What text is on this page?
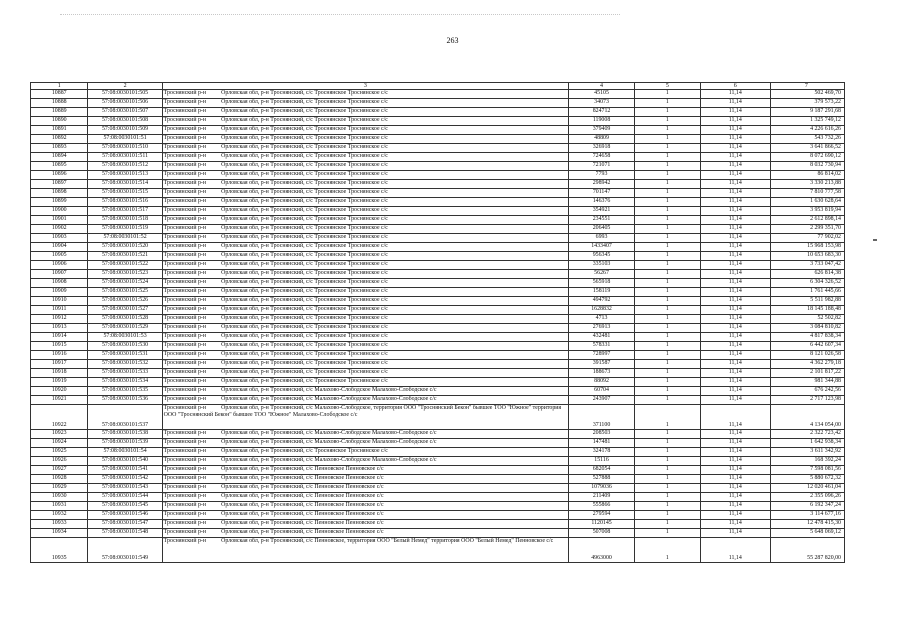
263
1	2	3	4	5	6	7
10887	57:08:0030101:505	Троснянский р-н Орловская обл, р-н Троснянский, с/с Троснянское Троснянское с/с	45105	1	11,14	502 469,70
10888	57:08:0030101:506	Троснянский р-н Орловская обл, р-н Троснянский, с/с Троснянское Троснянское с/с	34073	1	11,14	379 573,22
10889	57:08:0030101:507	Троснянский р-н Орловская обл, р-н Троснянский, с/с Троснянское Троснянское с/с	824712	1	11,14	9 187 291,68
10890	57:08:0030101:508	Троснянский р-н Орловская обл, р-н Троснянский, с/с Троснянское Троснянское с/с	119008	1	11,14	1 325 749,12
10891	57:08:0030101:509	Троснянский р-н Орловская обл, р-н Троснянский, с/с Троснянское Троснянское с/с	379409	1	11,14	4 226 616,26
10892	57:08:0030101:51	Троснянский р-н Орловская обл, р-н Троснянский, с/с Троснянское Троснянское с/с	48809	1	11,14	543 732,26
10893	57:08:0030101:510	Троснянский р-н Орловская обл, р-н Троснянский, с/с Троснянское Троснянское с/с	326918	1	11,14	3 641 866,52
10894	57:08:0030101:511	Троснянский р-н Орловская обл, р-н Троснянский, с/с Троснянское Троснянское с/с	724658	1	11,14	8 072 690,12
10895	57:08:0030101:512	Троснянский р-н Орловская обл, р-н Троснянский, с/с Троснянское Троснянское с/с	721071	1	11,14	8 032 730,94
10896	57:08:0030101:513	Троснянский р-н Орловская обл, р-н Троснянский, с/с Троснянское Троснянское с/с	7793	1	11,14	86 814,02
10897	57:08:0030101:514	Троснянский р-н Орловская обл, р-н Троснянский, с/с Троснянское Троснянское с/с	298942	1	11,14	3 330 213,88
10898	57:08:0030101:515	Троснянский р-н Орловская обл, р-н Троснянский, с/с Троснянское Троснянское с/с	701147	1	11,14	7 810 777,58
10899	57:08:0030101:516	Троснянский р-н Орловская обл, р-н Троснянский, с/с Троснянское Троснянское с/с	146376	1	11,14	1 630 628,64
10900	57:08:0030101:517	Троснянский р-н Орловская обл, р-н Троснянский, с/с Троснянское Троснянское с/с	354921	1	11,14	3 953 819,94
10901	57:08:0030101:518	Троснянский р-н Орловская обл, р-н Троснянский, с/с Троснянское Троснянское с/с	234551	1	11,14	2 612 898,14
10902	57:08:0030101:519	Троснянский р-н Орловская обл, р-н Троснянский, с/с Троснянское Троснянское с/с	206405	1	11,14	2 299 351,70
10903	57:08:0030101:52	Троснянский р-н Орловская обл, р-н Троснянский, с/с Троснянское Троснянское с/с	6993	1	11,14	77 902,02
10904	57:08:0030101:520	Троснянский р-н Орловская обл, р-н Троснянский, с/с Троснянское Троснянское с/с	1433407	1	11,14	15 968 153,98
10905	57:08:0030101:521	Троснянский р-н Орловская обл, р-н Троснянский, с/с Троснянское Троснянское с/с	956345	1	11,14	10 653 683,30
10906	57:08:0030101:522	Троснянский р-н Орловская обл, р-н Троснянский, с/с Троснянское Троснянское с/с	335103	1	11,14	3 733 047,42
10907	57:08:0030101:523	Троснянский р-н Орловская обл, р-н Троснянский, с/с Троснянское Троснянское с/с	56267	1	11,14	626 814,38
10908	57:08:0030101:524	Троснянский р-н Орловская обл, р-н Троснянский, с/с Троснянское Троснянское с/с	565918	1	11,14	6 304 326,52
10909	57:08:0030101:525	Троснянский р-н Орловская обл, р-н Троснянский, с/с Троснянское Троснянское с/с	158119	1	11,14	1 761 445,66
10910	57:08:0030101:526	Троснянский р-н Орловская обл, р-н Троснянский, с/с Троснянское Троснянское с/с	494792	1	11,14	5 511 982,88
10911	57:08:0030101:527	Троснянский р-н Орловская обл, р-н Троснянский, с/с Троснянское Троснянское с/с	1628832	1	11,14	18 145 188,48
10912	57:08:0030101:528	Троснянский р-н Орловская обл, р-н Троснянский, с/с Троснянское Троснянское с/с	4713	1	11,14	52 502,82
10913	57:08:0030101:529	Троснянский р-н Орловская обл, р-н Троснянский, с/с Троснянское Троснянское с/с	276913	1	11,14	3 084 810,82
10914	57:08:0030101:53	Троснянский р-н Орловская обл, р-н Троснянский, с/с Троснянское Троснянское с/с	432481	1	11,14	4 817 838,34
10915	57:08:0030101:530	Троснянский р-н Орловская обл, р-н Троснянский, с/с Троснянское Троснянское с/с	578331	1	11,14	6 442 607,34
10916	57:08:0030101:531	Троснянский р-н Орловская обл, р-н Троснянский, с/с Троснянское Троснянское с/с	728997	1	11,14	8 121 026,58
10917	57:08:0030101:532	Троснянский р-н Орловская обл, р-н Троснянский, с/с Троснянское Троснянское с/с	391587	1	11,14	4 362 279,18
10918	57:08:0030101:533	Троснянский р-н Орловская обл, р-н Троснянский, с/с Троснянское Троснянское с/с	188673	1	11,14	2 101 817,22
10919	57:08:0030101:534	Троснянский р-н Орловская обл, р-н Троснянский, с/с Троснянское Троснянское с/с	88092	1	11,14	981 344,88
10920	57:08:0030101:535	Троснянский р-н Орловская обл, р-н Троснянский, с/с Малахово-Слободское Малахово-Слободское с/с	60704	1	11,14	676 242,56
10921	57:08:0030101:536	Троснянский р-н Орловская обл, р-н Троснянский, с/с Малахово-Слободское Малахово-Слободское с/с	243907	1	11,14	2 717 123,98
10922	57:08:0030101:537	Троснянский р-н Орловская обл, р-н Троснянский, с/с Малахово-Слободское, территория ООО "Троснянский Бекон" бывшее ТОО "Южное" территория ООО "Троснянский Бекон" бывшее ТОО "Южное" Малахово-Слободское с/с	371100	1	11,14	4 134 054,00
10923	57:08:0030101:538	Троснянский р-н Орловская обл, р-н Троснянский, с/с Малахово-Слободское Малахово-Слободское с/с	208503	1	11,14	2 322 723,42
10924	57:08:0030101:539	Троснянский р-н Орловская обл, р-н Троснянский, с/с Малахово-Слободское Малахово-Слободское с/с	147481	1	11,14	1 642 938,34
10925	57:08:0030101:54	Троснянский р-н Орловская обл, р-н Троснянский, с/с Троснянское Троснянское с/с	324178	1	11,14	3 611 342,92
10926	57:08:0030101:540	Троснянский р-н Орловская обл, р-н Троснянский, с/с Малахово-Слободское Малахово-Слободское с/с	15116	1	11,14	168 392,24
10927	57:08:0030101:541	Троснянский р-н Орловская обл, р-н Троснянский, с/с Пенновское Пенновское с/с	682054	1	11,14	7 598 081,56
10928	57:08:0030101:542	Троснянский р-н Орловская обл, р-н Троснянский, с/с Пенновское Пенновское с/с	527888	1	11,14	5 880 672,32
10929	57:08:0030101:543	Троснянский р-н Орловская обл, р-н Троснянский, с/с Пенновское Пенновское с/с	1079036	1	11,14	12 020 461,04
10930	57:08:0030101:544	Троснянский р-н Орловская обл, р-н Троснянский, с/с Пенновское Пенновское с/с	211409	1	11,14	2 355 096,26
10931	57:08:0030101:545	Троснянский р-н Орловская обл, р-н Троснянский, с/с Пенновское Пенновское с/с	555866	1	11,14	6 192 347,24
10932	57:08:0030101:546	Троснянский р-н Орловская обл, р-н Троснянский, с/с Пенновское Пенновское с/с	279594	1	11,14	3 114 677,16
10933	57:08:0030101:547	Троснянский р-н Орловская обл, р-н Троснянский, с/с Пенновское Пенновское с/с	1120145	1	11,14	12 478 415,30
10934	57:08:0030101:548	Троснянский р-н Орловская обл, р-н Троснянский, с/с Пенновское Пенновское с/с	507008	1	11,14	5 648 069,12
10935	57:08:0030101:549	Троснянский р-н Орловская обл, р-н Троснянский, с/с Пенновское, территория ООО "Белый Немед" территория ООО "Белый Немед" Пенновское с/с	4963000	1	11,14	55 287 820,00
